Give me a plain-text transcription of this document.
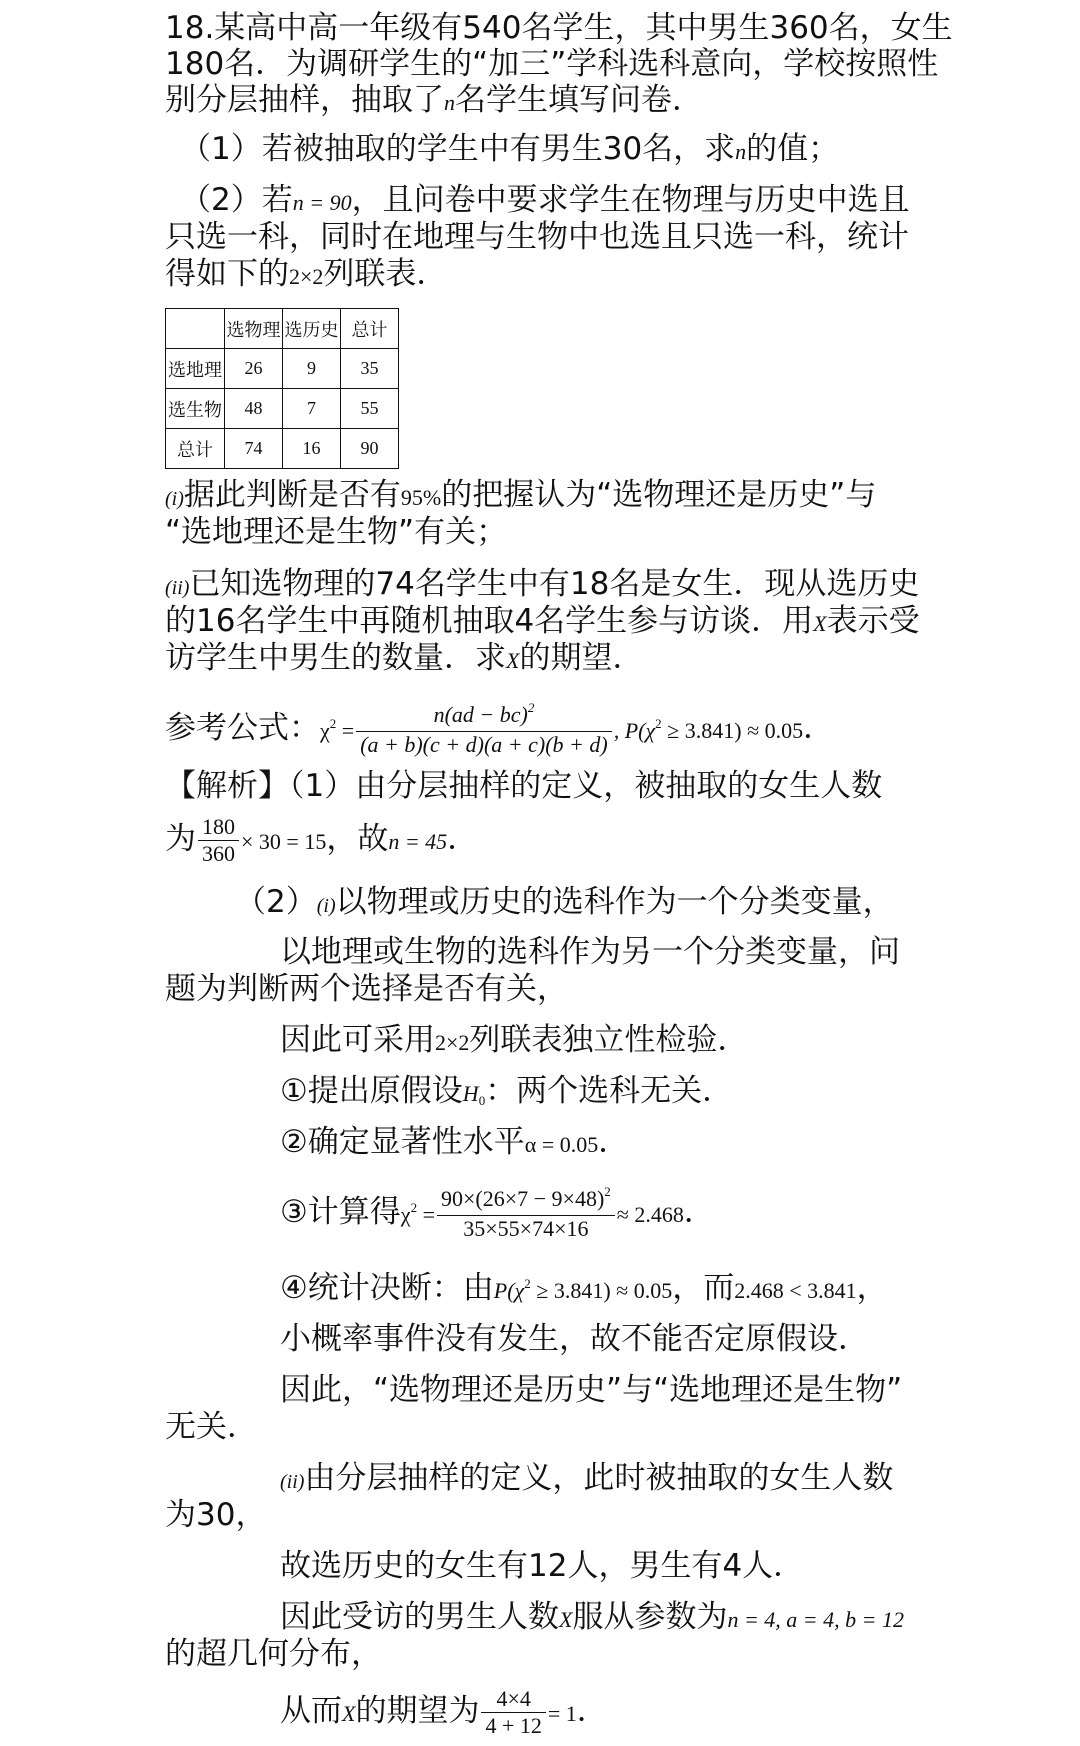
18.某高中高一年级有540名学生，其中男生360名，女生
180名．为调研学生的“加三”学科选科意向，学校按照性
别分层抽样，抽取了n名学生填写问卷．
（1）若被抽取的学生中有男生30名，求n的值；
（2）若n = 90，且问卷中要求学生在物理与历史中选且
只选一科，同时在地理与生物中也选且只选一科，统计
得如下的2×2列联表．
	选物理	选历史	总计
选地理	26	9	35
选生物	48	7	55
总计	74	16	90
(i)据此判断是否有95%的把握认为“选物理还是历史”与
“选地理还是生物”有关；
(ii)已知选物理的74名学生中有18名是女生．现从选历史
的16名学生中再随机抽取4名学生参与访谈．用X表示受
访学生中男生的数量．求X的期望．
参考公式：$\chi^2 = \frac{n(ad - bc)^2}{(a + b)(c + d)(a + c)(b + d)}$ , $P(\chi^2 \ge 3.841) \approx 0.05$．
【解析】（1）由分层抽样的定义，被抽取的女生人数
为 $\frac{180}{360} \times 30 = 15$，故n = 45．
（2）(i)以物理或历史的选科作为一个分类变量，
以地理或生物的选科作为另一个分类变量，问
题为判断两个选择是否有关，
因此可采用2×2列联表独立性检验．
①提出原假设H0：两个选科无关．
②确定显著性水平α = 0.05．
③计算得$\chi^2 = \frac{90\times(26\times 7 - 9\times 48)^2}{35\times 55\times 74\times 16} \approx 2.468$．
④统计决断：由$P(\chi^2 \ge 3.841) \approx 0.05$，而2.468 < 3.841，
小概率事件没有发生，故不能否定原假设．
因此，“选物理还是历史”与“选地理还是生物”
无关．
(ii)由分层抽样的定义，此时被抽取的女生人数
为30，
故选历史的女生有12人，男生有4人．
因此受访的男生人数X服从参数为n = 4, a = 4, b = 12
的超几何分布，
从而X的期望为 $\frac{4\times 4}{4 + 12} = 1$．
